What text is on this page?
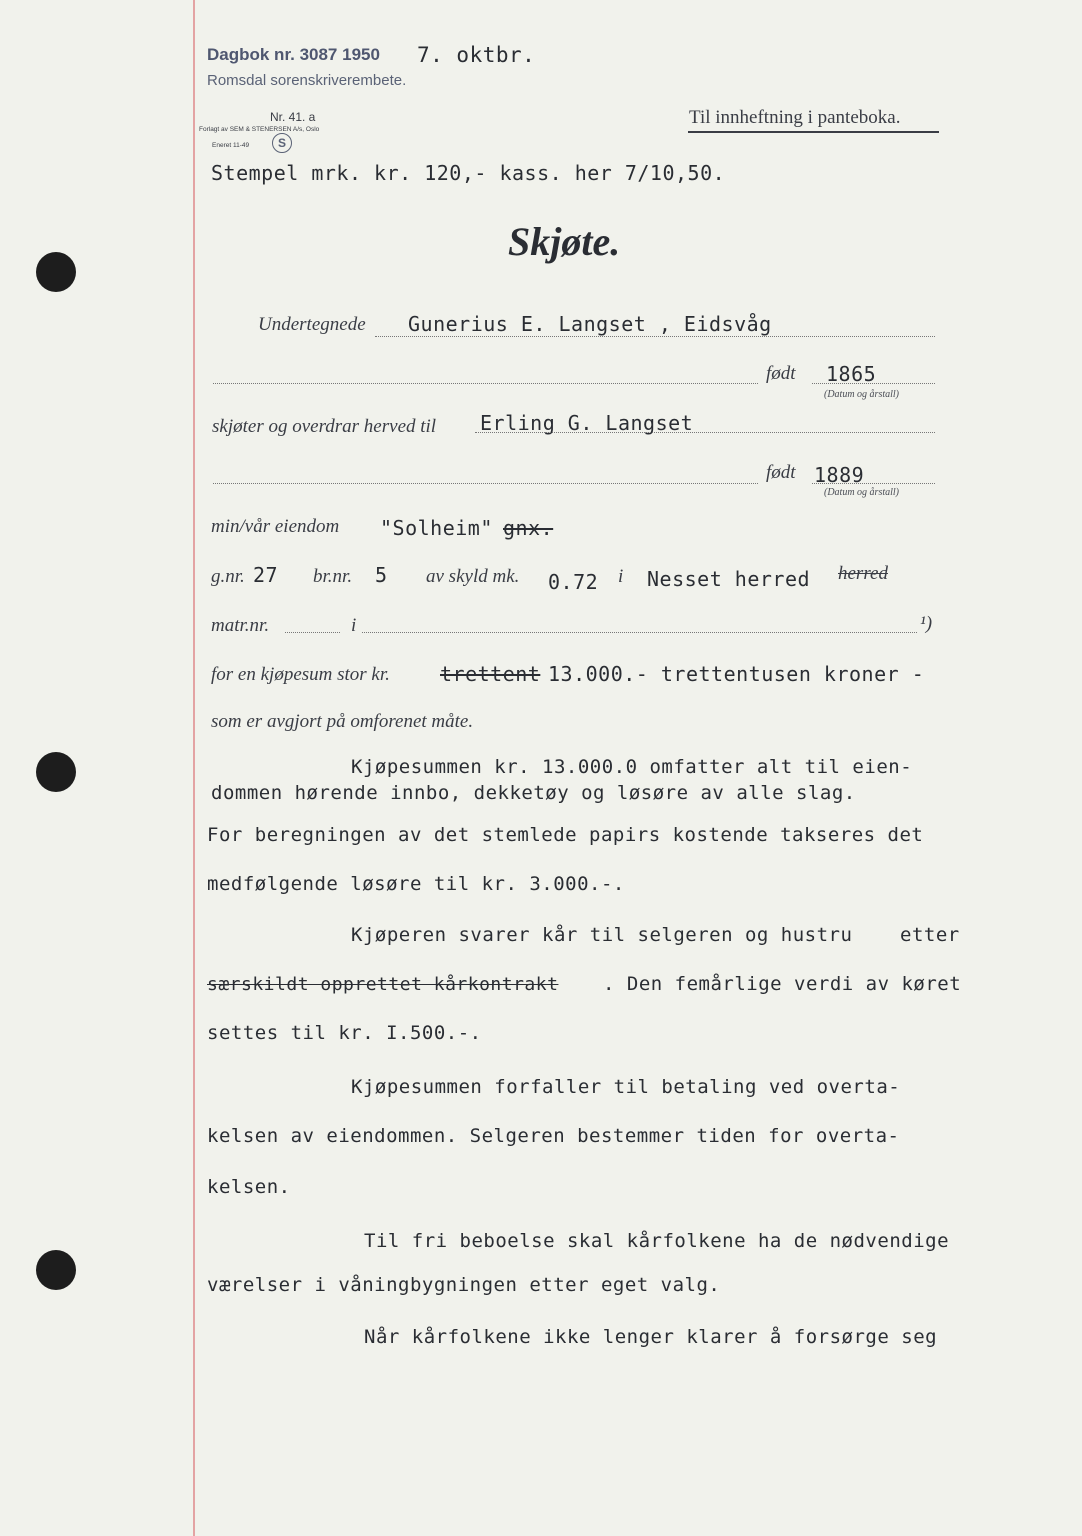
Dagbok nr. 3087 1950 7. oktbr.
Romsdal sorenskriverembete.
Nr. 41. a
Forlagt av SEM & STENERSEN A/s, Oslo
S
Eneret 11-49
Til innheftning i panteboka.
Stempel mrk. kr. 120,- kass. her 7/10,50.
Skjøte.
Undertegnede Gunerius E. Langset , Eidsvåg
født 1865
(Datum og årstall)
skjøter og overdrar herved til Erling G. Langset
født 1889
(Datum og årstall)
min/vår eiendom "Solheim" gnx.
g.nr. 27 br.nr. 5 av skyld mk. 0.72 i Nesset herred herred
matr.nr.	i	¹)
for en kjøpesum stor kr.	trettent 13.000.- trettentusen kroner -
som er avgjort på omforenet måte.
Kjøpesummen kr. 13.000.0 omfatter alt til eien-
dommen hørende innbo, dekketøy og løsøre av alle slag.
For beregningen av det stemlede papirs kostende takseres det
medfølgende løsøre til kr. 3.000.-.
Kjøperen svarer kår til selgeren og hustru	etter
særskildt opprettet kårkontrakt . Den femårlige verdi av køret
settes til kr. I.500.-.
Kjøpesummen forfaller til betaling ved overta-
kelsen av eiendommen. Selgeren bestemmer tiden for overta-
kelsen.
Til fri beboelse skal kårfolkene ha de nødvendige
værelser i våningbygningen etter eget valg.
Når kårfolkene ikke lenger klarer å forsørge seg
